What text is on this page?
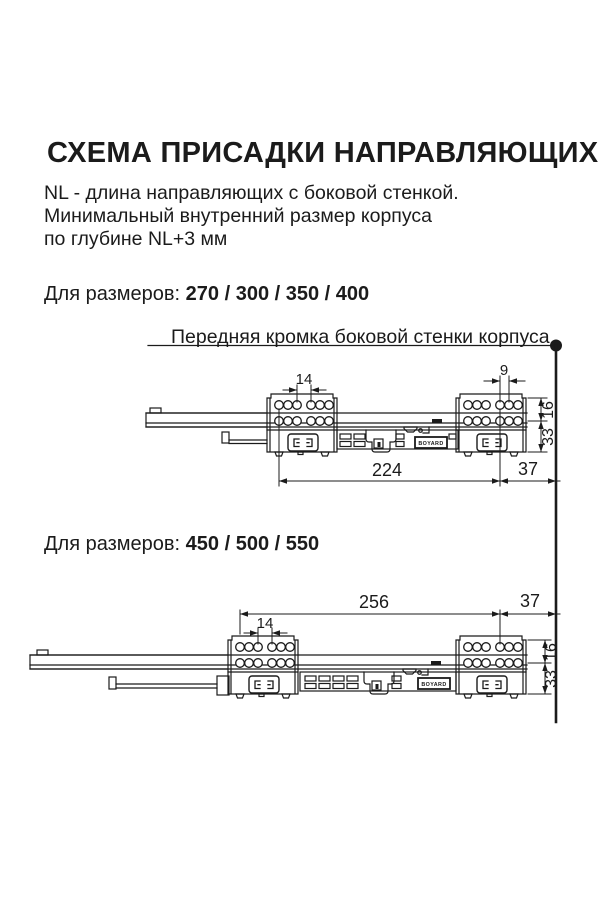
СХЕМА ПРИСАДКИ НАПРАВЛЯЮЩИХ
NL - длина направляющих с боковой стенкой.
Минимальный внутренний размер корпуса
по глубине NL+3 мм
Для размеров: 270 / 300 / 350 / 400
Передняя кромка боковой стенки корпуса
Для размеров: 450 / 500 / 550
BOYARD
14
9
16
33
224	37
BOYARD
256	37
14
16
33
